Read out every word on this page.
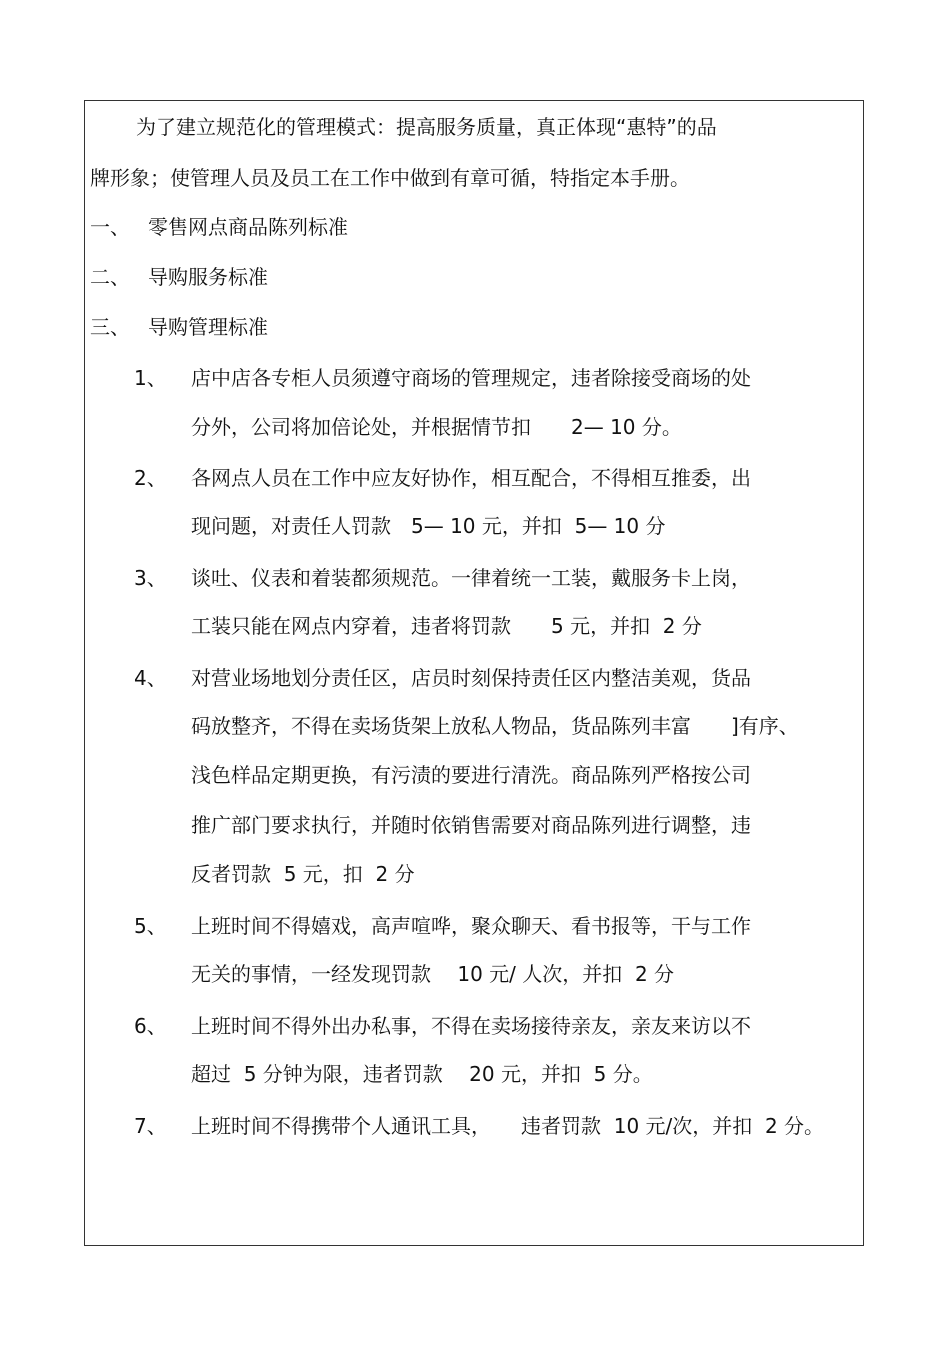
为了建立规范化的管理模式：提高服务质量，真正体现“惠特”的品
牌形象；使管理人员及员工在工作中做到有章可循，特指定本手册。
一、 零售网点商品陈列标准
二、 导购服务标准
三、 导购管理标准
1、 店中店各专柜人员须遵守商场的管理规定，违者除接受商场的处
分外，公司将加倍论处，并根据情节扣　　2— 10 分。
2、 各网点人员在工作中应友好协作，相互配合，不得相互推委，出
现问题，对责任人罚款　5— 10 元，并扣  5— 10 分
3、 谈吐、仪表和着装都须规范。一律着统一工装，戴服务卡上岗，
工装只能在网点内穿着，违者将罚款　　5 元，并扣  2 分
4、 对营业场地划分责任区，店员时刻保持责任区内整洁美观，货品
码放整齐，不得在卖场货架上放私人物品，货品陈列丰富　　]有序、
浅色样品定期更换，有污渍的要进行清洗。商品陈列严格按公司
推广部门要求执行，并随时依销售需要对商品陈列进行调整，违
反者罚款  5 元，扣  2 分
5、 上班时间不得嬉戏，高声喧哗，聚众聊天、看书报等，干与工作
无关的事情，一经发现罚款　 10 元/ 人次，并扣  2 分
6、 上班时间不得外出办私事，不得在卖场接待亲友，亲友来访以不
超过  5 分钟为限，违者罚款　 20 元，并扣  5 分。
7、 上班时间不得携带个人通讯工具，　　违者罚款  10 元/次，并扣  2 分。
